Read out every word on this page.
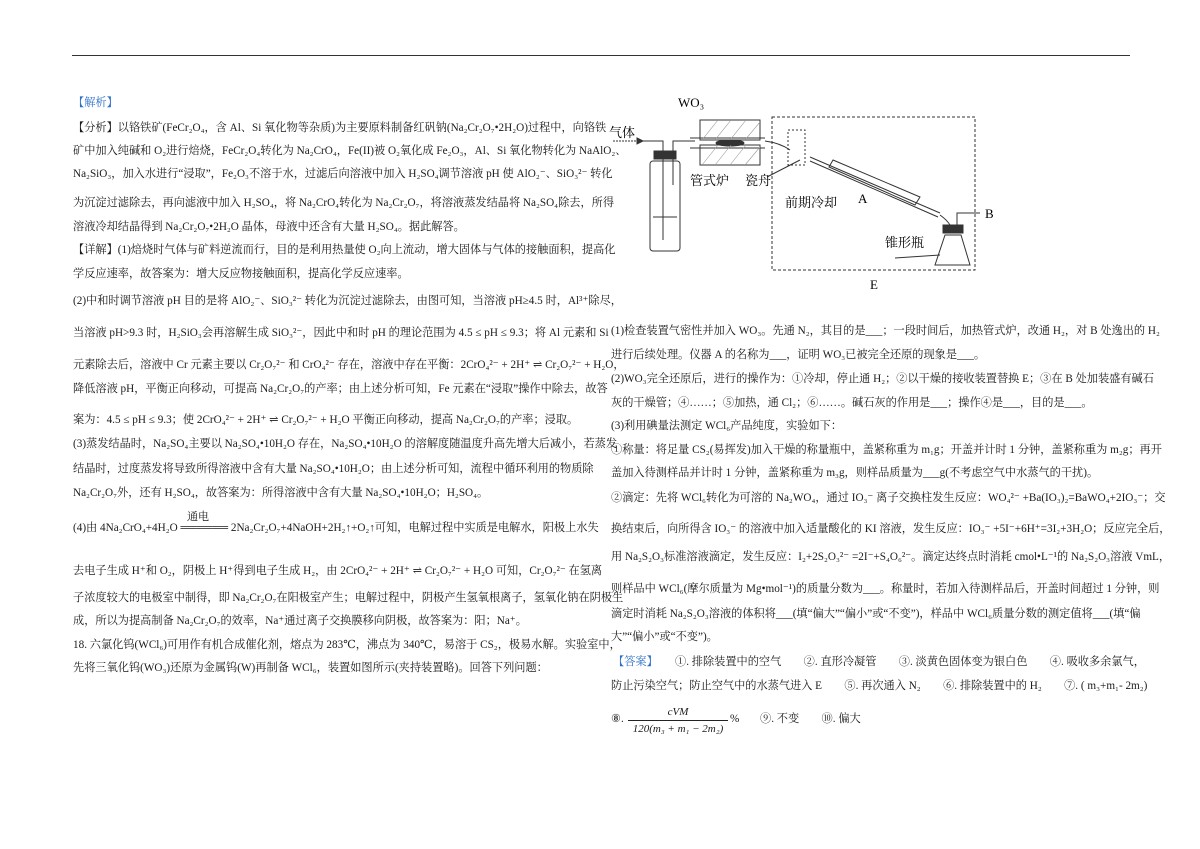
【解析】
【分析】以铬铁矿(FeCr₂O₄，含 Al、Si 氧化物等杂质)为主要原料制备红矾钠(Na₂Cr₂O₇•2H₂O)过程中，向铬铁
矿中加入纯碱和 O₂进行焙烧，FeCr₂O₄转化为 Na₂CrO₄，Fe(II)被 O₂氧化成 Fe₂O₃，Al、Si 氧化物转化为 NaAlO₂、
Na₂SiO₃，加入水进行“浸取”，Fe₂O₃不溶于水，过滤后向溶液中加入 H₂SO₄调节溶液 pH 使 AlO₂⁻、SiO₃²⁻ 转化
为沉淀过滤除去，再向滤液中加入 H₂SO₄，将 Na₂CrO₄转化为 Na₂Cr₂O₇，将溶液蒸发结晶将 Na₂SO₄除去，所得
溶液冷却结晶得到 Na₂Cr₂O₇•2H₂O 晶体，母液中还含有大量 H₂SO₄。据此解答。
【详解】(1)焙烧时气体与矿料逆流而行，目的是利用热量使 O₂向上流动，增大固体与气体的接触面积，提高化
学反应速率，故答案为：增大反应物接触面积，提高化学反应速率。
(2)中和时调节溶液 pH 目的是将 AlO₂⁻、SiO₃²⁻ 转化为沉淀过滤除去，由图可知，当溶液 pH≥4.5 时，Al³⁺除尽，
当溶液 pH>9.3 时，H₂SiO₃会再溶解生成 SiO₃²⁻，因此中和时 pH 的理论范围为 4.5 ≤ pH ≤ 9.3；将 Al 元素和 Si
元素除去后，溶液中 Cr 元素主要以 Cr₂O₇²⁻ 和 CrO₄²⁻ 存在，溶液中存在平衡：2CrO₄²⁻ + 2H⁺ ⇌ Cr₂O₇²⁻ + H₂O，
降低溶液 pH，平衡正向移动，可提高 Na₂Cr₂O₇的产率；由上述分析可知，Fe 元素在“浸取”操作中除去，故答
案为：4.5 ≤ pH ≤ 9.3；使 2CrO₄²⁻ + 2H⁺ ⇌ Cr₂O₇²⁻ + H₂O 平衡正向移动，提高 Na₂Cr₂O₇的产率；浸取。
(3)蒸发结晶时，Na₂SO₄主要以 Na₂SO₄•10H₂O 存在，Na₂SO₄•10H₂O 的溶解度随温度升高先增大后减小，若蒸发
结晶时，过度蒸发将导致所得溶液中含有大量 Na₂SO₄•10H₂O；由上述分析可知，流程中循环利用的物质除
Na₂Cr₂O₇外，还有 H₂SO₄，故答案为：所得溶液中含有大量 Na₂SO₄•10H₂O；H₂SO₄。
通电
(4)由 4Na₂CrO₄+4H₂O ══════ 2Na₂Cr₂O₇+4NaOH+2H₂↑+O₂↑可知，电解过程中实质是电解水，阳极上水失
去电子生成 H⁺和 O₂，阴极上 H⁺得到电子生成 H₂，由 2CrO₄²⁻ + 2H⁺ ⇌ Cr₂O₇²⁻ + H₂O 可知，Cr₂O₇²⁻ 在氢离
子浓度较大的电极室中制得，即 Na₂Cr₂O₇在阳极室产生；电解过程中，阴极产生氢氧根离子，氢氧化钠在阴极生
成，所以为提高制备 Na₂Cr₂O₇的效率，Na⁺通过离子交换膜移向阴极，故答案为：阳；Na⁺。
18. 六氯化钨(WCl₆)可用作有机合成催化剂，熔点为 283℃，沸点为 340℃，易溶于 CS₂，极易水解。实验室中，
先将三氧化钨(WO₃)还原为金属钨(W)再制备 WCl₆，装置如图所示(夹持装置略)。回答下列问题：
WO₃
气体
管式炉 瓷舟
前期冷却 A
B
锥形瓶
E
(1)检查装置气密性并加入 WO₃。先通 N₂，其目的是___；一段时间后，加热管式炉，改通 H₂，对 B 处逸出的 H₂
进行后续处理。仪器 A 的名称为___，证明 WO₃已被完全还原的现象是___。
(2)WO₃完全还原后，进行的操作为：①冷却，停止通 H₂；②以干燥的接收装置替换 E；③在 B 处加装盛有碱石
灰的干燥管；④……；⑤加热，通 Cl₂；⑥……。碱石灰的作用是___；操作④是___，目的是___。
(3)利用碘量法测定 WCl₆产品纯度，实验如下：
①称量：将足量 CS₂(易挥发)加入干燥的称量瓶中，盖紧称重为 m₁g；开盖并计时 1 分钟，盖紧称重为 m₂g；再开
盖加入待测样品并计时 1 分钟，盖紧称重为 m₃g，则样品质量为___g(不考虑空气中水蒸气的干扰)。
②滴定：先将 WCl₆转化为可溶的 Na₂WO₄，通过 IO₃⁻ 离子交换柱发生反应：WO₄²⁻ +Ba(IO₃)₂=BaWO₄+2IO₃⁻；交
换结束后，向所得含 IO₃⁻ 的溶液中加入适量酸化的 KI 溶液，发生反应：IO₃⁻ +5I⁻+6H⁺=3I₂+3H₂O；反应完全后，
用 Na₂S₂O₃标准溶液滴定，发生反应：I₂+2S₂O₃²⁻ =2I⁻+S₄O₆²⁻。滴定达终点时消耗 cmol•L⁻¹的 Na₂S₂O₃溶液 VmL，
则样品中 WCl₆(摩尔质量为 Mg•mol⁻¹)的质量分数为___。称量时，若加入待测样品后，开盖时间超过 1 分钟，则
滴定时消耗 Na₂S₂O₃溶液的体积将___(填“偏大”“偏小”或“不变”)，样品中 WCl₆质量分数的测定值将___(填“偏
大”“偏小”或“不变”)。
【答案】 ①. 排除装置中的空气　　②. 直形冷凝管　　③. 淡黄色固体变为银白色　　④. 吸收多余氯气，
防止污染空气；防止空气中的水蒸气进入 E　　⑤. 再次通入 N₂　　⑥. 排除装置中的 H₂　　⑦. ( m₃+m₁- 2m₂)
⑧.
cVM
120(m₃ + m₁ − 2m₂)
% ⑨. 不变　　⑩. 偏大
